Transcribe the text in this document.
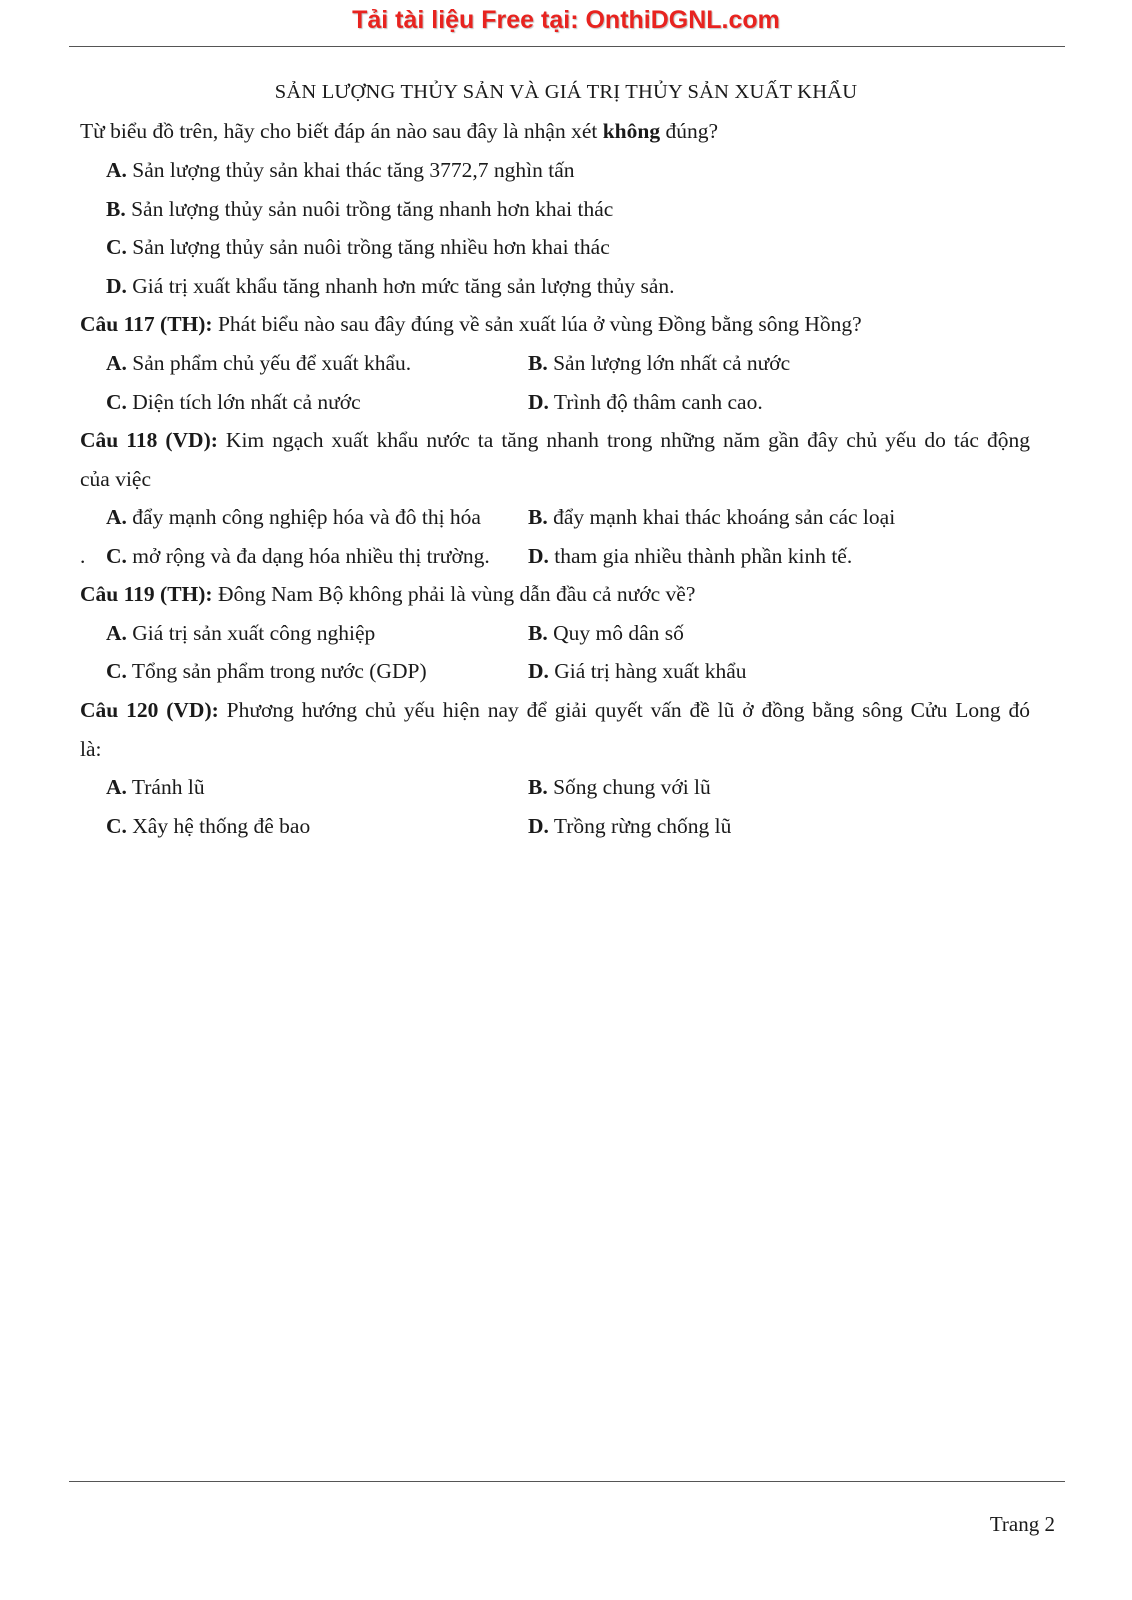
Tải tài liệu Free tại: OnthiDGNL.com
SẢN LƯỢNG THỦY SẢN VÀ GIÁ TRỊ THỦY SẢN XUẤT KHẨU
Từ biểu đồ trên, hãy cho biết đáp án nào sau đây là nhận xét không đúng?
A. Sản lượng thủy sản khai thác tăng 3772,7 nghìn tấn
B. Sản lượng thủy sản nuôi trồng tăng nhanh hơn khai thác
C. Sản lượng thủy sản nuôi trồng tăng nhiều hơn khai thác
D. Giá trị xuất khẩu tăng nhanh hơn mức tăng sản lượng thủy sản.
Câu 117 (TH): Phát biểu nào sau đây đúng về sản xuất lúa ở vùng Đồng bằng sông Hồng?
A. Sản phẩm chủ yếu để xuất khẩu.	B. Sản lượng lớn nhất cả nước
C. Diện tích lớn nhất cả nước	D. Trình độ thâm canh cao.
Câu 118 (VD): Kim ngạch xuất khẩu nước ta tăng nhanh trong những năm gần đây chủ yếu do tác động
của việc
A. đẩy mạnh công nghiệp hóa và đô thị hóa B. đẩy mạnh khai thác khoáng sản các loại
. C. mở rộng và đa dạng hóa nhiều thị trường. D. tham gia nhiều thành phần kinh tế.
Câu 119 (TH): Đông Nam Bộ không phải là vùng dẫn đầu cả nước về?
A. Giá trị sản xuất công nghiệp	B. Quy mô dân số
C. Tổng sản phẩm trong nước (GDP)	D. Giá trị hàng xuất khẩu
Câu 120 (VD): Phương hướng chủ yếu hiện nay để giải quyết vấn đề lũ ở đồng bằng sông Cửu Long đó
là:
A. Tránh lũ	B. Sống chung với lũ
C. Xây hệ thống đê bao	D. Trồng rừng chống lũ
Trang 2
